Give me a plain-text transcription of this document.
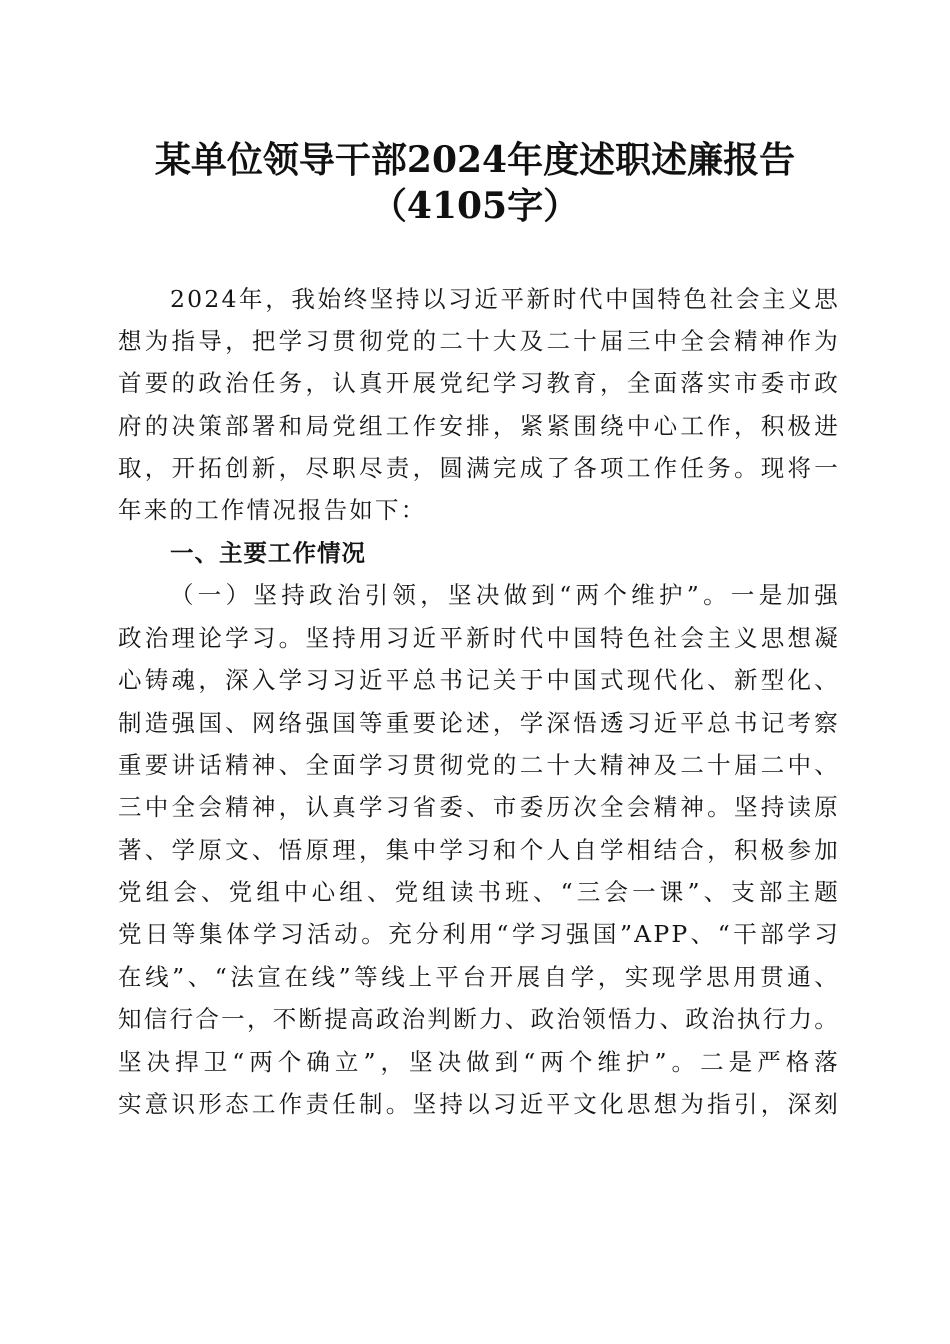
某单位领导干部2024年度述职述廉报告
（4105字）
2024年，我始终坚持以习近平新时代中国特色社会主义思
想为指导，把学习贯彻党的二十大及二十届三中全会精神作为
首要的政治任务，认真开展党纪学习教育，全面落实市委市政
府的决策部署和局党组工作安排，紧紧围绕中心工作，积极进
取，开拓创新，尽职尽责，圆满完成了各项工作任务。现将一
年来的工作情况报告如下：
一、主要工作情况
（一）坚持政治引领，坚决做到“两个维护”。一是加强
政治理论学习。坚持用习近平新时代中国特色社会主义思想凝
心铸魂，深入学习习近平总书记关于中国式现代化、新型化、
制造强国、网络强国等重要论述，学深悟透习近平总书记考察
重要讲话精神、全面学习贯彻党的二十大精神及二十届二中、
三中全会精神，认真学习省委、市委历次全会精神。坚持读原
著、学原文、悟原理，集中学习和个人自学相结合，积极参加
党组会、党组中心组、党组读书班、“三会一课”、支部主题
党日等集体学习活动。充分利用“学习强国”APP、“干部学习
在线”、“法宣在线”等线上平台开展自学，实现学思用贯通、
知信行合一，不断提高政治判断力、政治领悟力、政治执行力。
坚决捍卫“两个确立”，坚决做到“两个维护”。二是严格落
实意识形态工作责任制。坚持以习近平文化思想为指引，深刻
